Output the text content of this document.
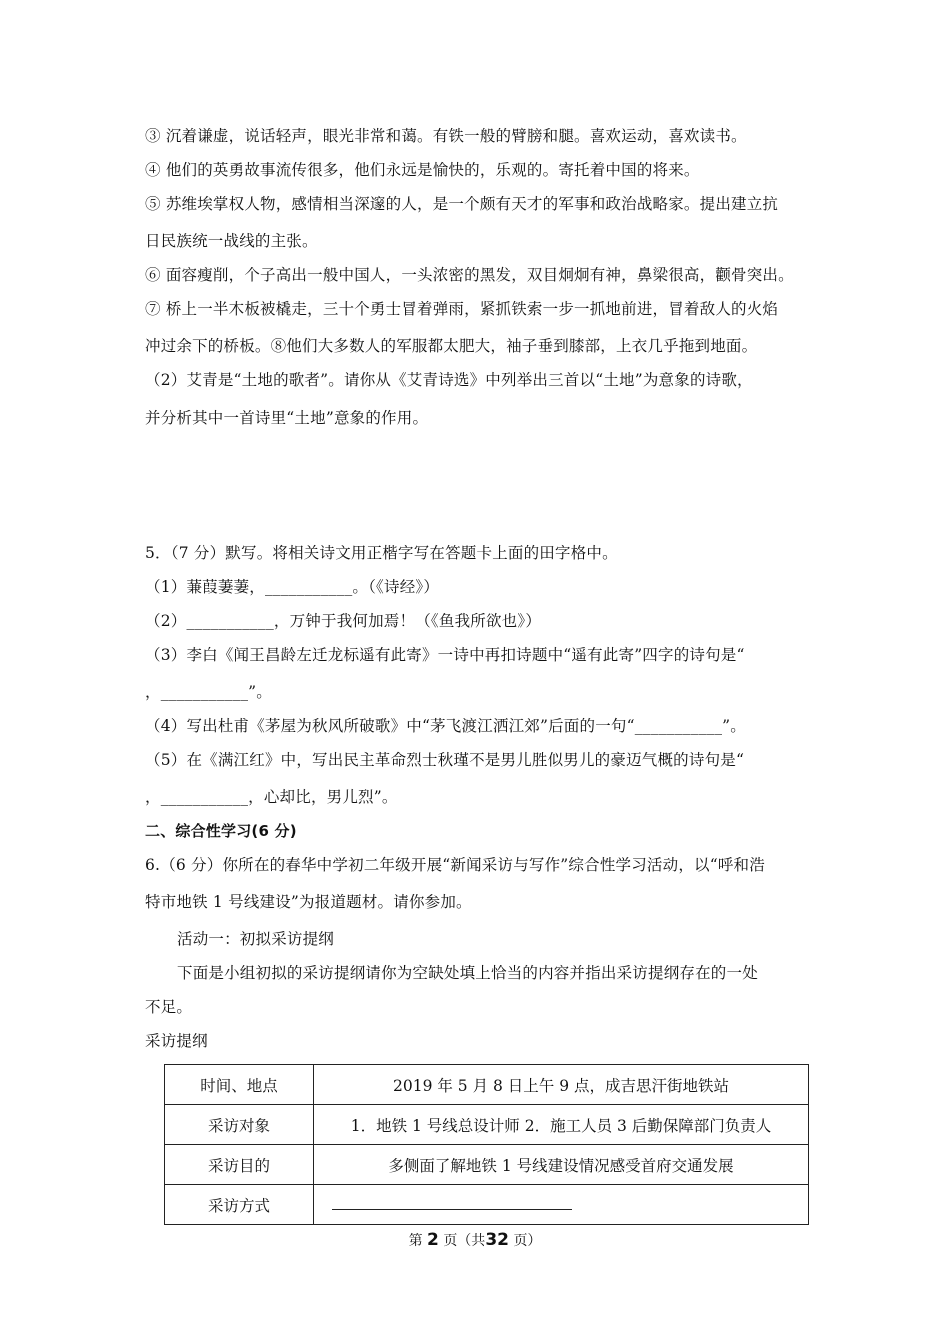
③ 沉着谦虚，说话轻声，眼光非常和蔼。有铁一般的臂膀和腿。喜欢运动，喜欢读书。
④ 他们的英勇故事流传很多，他们永远是愉快的，乐观的。寄托着中国的将来。
⑤ 苏维埃掌权人物，感情相当深邃的人，是一个颇有天才的军事和政治战略家。提出建立抗
日民族统一战线的主张。
⑥ 面容瘦削，个子高出一般中国人，一头浓密的黑发，双目炯炯有神，鼻梁很高，颧骨突出。
⑦ 桥上一半木板被橇走，三十个勇士冒着弹雨，紧抓铁索一步一抓地前进，冒着敌人的火焰
冲过余下的桥板。⑧他们大多数人的军服都太肥大，袖子垂到膝部，上衣几乎拖到地面。
（2）艾青是“土地的歌者”。请你从《艾青诗选》中列举出三首以“土地”为意象的诗歌，
并分析其中一首诗里“土地”意象的作用。
5．（7 分）默写。将相关诗文用正楷字写在答题卡上面的田字格中。
（1）蒹葭萋萋，___________。（《诗经》）
（2）___________，万钟于我何加焉！（《鱼我所欲也》）
（3）李白《闻王昌龄左迁龙标遥有此寄》一诗中再扣诗题中“遥有此寄”四字的诗句是“
，___________”。
（4）写出杜甫《茅屋为秋风所破歌》中“茅飞渡江洒江郊”后面的一句“___________”。
（5）在《满江红》中，写出民主革命烈士秋瑾不是男儿胜似男儿的豪迈气概的诗句是“
，___________，心却比，男儿烈”。
二、综合性学习(6 分)
6.（6 分）你所在的春华中学初二年级开展“新闻采访与写作”综合性学习活动，以“呼和浩
特市地铁 1 号线建设”为报道题材。请你参加。
活动一：初拟采访提纲
下面是小组初拟的采访提纲请你为空缺处填上恰当的内容并指出采访提纲存在的一处
不足。
采访提纲
时间、地点	2019 年 5 月 8 日上午 9 点，成吉思汗街地铁站
采访对象	1．地铁 1 号线总设计师 2．施工人员 3 后勤保障部门负责人
采访目的	多侧面了解地铁 1 号线建设情况感受首府交通发展
采访方式	
第 2 页（共32 页）
